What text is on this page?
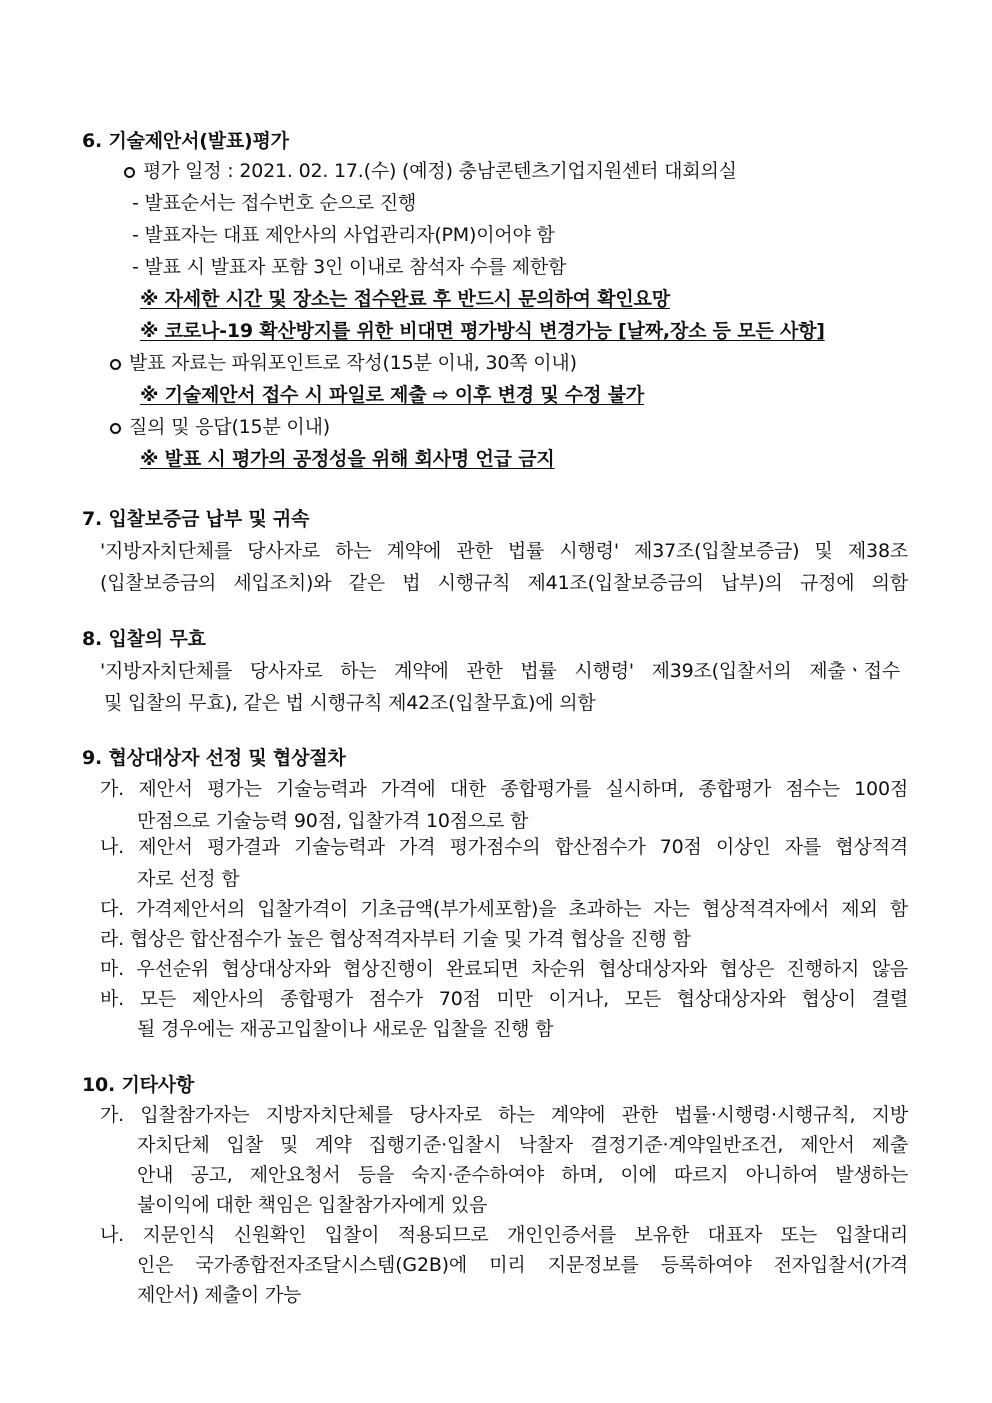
6. 기술제안서(발표)평가
평가 일정 : 2021. 02. 17.(수) (예정) 충남콘텐츠기업지원센터 대회의실
- 발표순서는 접수번호 순으로 진행
- 발표자는 대표 제안사의 사업관리자(PM)이어야 함
- 발표 시 발표자 포함 3인 이내로 참석자 수를 제한함
※ 자세한 시간 및 장소는 접수완료 후 반드시 문의하여 확인요망
※ 코로나-19 확산방지를 위한 비대면 평가방식 변경가능 [날짜,장소 등 모든 사항]
발표 자료는 파워포인트로 작성(15분 이내, 30쪽 이내)
※ 기술제안서 접수 시 파일로 제출 ⇨ 이후 변경 및 수정 불가
질의 및 응답(15분 이내)
※ 발표 시 평가의 공정성을 위해 회사명 언급 금지
7. 입찰보증금 납부 및 귀속
'지방자치단체를 당사자로 하는 계약에 관한 법률 시행령' 제37조(입찰보증금) 및 제38조
(입찰보증금의 세입조치)와 같은 법 시행규칙 제41조(입찰보증금의 납부)의 규정에 의함
8. 입찰의 무효
'지방자치단체를 당사자로 하는 계약에 관한 법률 시행령' 제39조(입찰서의 제출ㆍ접수
및 입찰의 무효), 같은 법 시행규칙 제42조(입찰무효)에 의함
9. 협상대상자 선정 및 협상절차
가. 제안서 평가는 기술능력과 가격에 대한 종합평가를 실시하며, 종합평가 점수는 100점
만점으로 기술능력 90점, 입찰가격 10점으로 함
나. 제안서 평가결과 기술능력과 가격 평가점수의 합산점수가 70점 이상인 자를 협상적격
자로 선정 함
다. 가격제안서의 입찰가격이 기초금액(부가세포함)을 초과하는 자는 협상적격자에서 제외 함
라. 협상은 합산점수가 높은 협상적격자부터 기술 및 가격 협상을 진행 함
마. 우선순위 협상대상자와 협상진행이 완료되면 차순위 협상대상자와 협상은 진행하지 않음
바. 모든 제안사의 종합평가 점수가 70점 미만 이거나, 모든 협상대상자와 협상이 결렬
될 경우에는 재공고입찰이나 새로운 입찰을 진행 함
10. 기타사항
가. 입찰참가자는 지방자치단체를 당사자로 하는 계약에 관한 법률·시행령·시행규칙, 지방
자치단체 입찰 및 계약 집행기준·입찰시 낙찰자 결정기준·계약일반조건, 제안서 제출
안내 공고, 제안요청서 등을 숙지·준수하여야 하며, 이에 따르지 아니하여 발생하는
불이익에 대한 책임은 입찰참가자에게 있음
나. 지문인식 신원확인 입찰이 적용되므로 개인인증서를 보유한 대표자 또는 입찰대리
인은 국가종합전자조달시스템(G2B)에 미리 지문정보를 등록하여야 전자입찰서(가격
제안서) 제출이 가능
